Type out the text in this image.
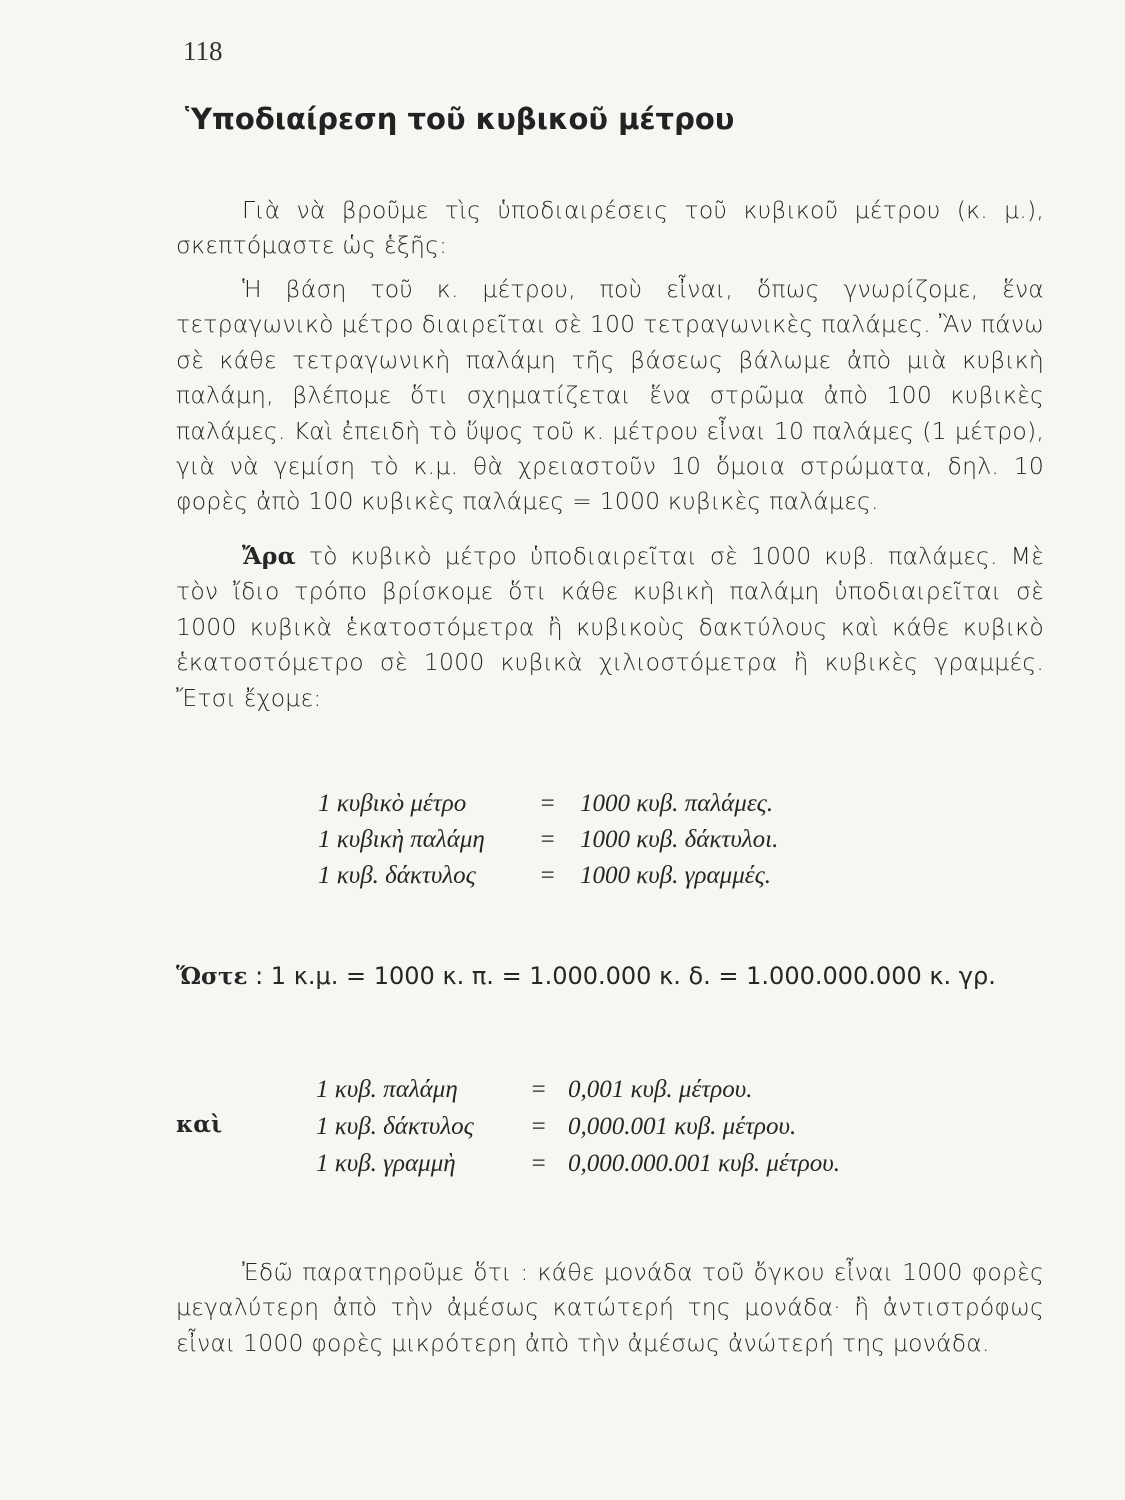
118
Ὑποδιαίρεση τοῦ κυβικοῦ μέτρου

Γιὰ νὰ βροῦμε τὶς ὑποδιαιρέσεις τοῦ κυβικοῦ μέτρου (κ. μ.), σκεπτόμαστε ὡς ἑξῆς:

Ἡ βάση τοῦ κ. μέτρου, ποὺ εἶναι, ὅπως γνωρίζομε, ἕνα τετραγωνικὸ μέτρο διαιρεῖται σὲ 100 τετραγωνικὲς παλάμες. Ἂν πάνω σὲ κάθε τετραγωνικὴ παλάμη τῆς βάσεως βάλωμε ἀπὸ μιὰ κυβικὴ παλάμη, βλέπομε ὅτι σχηματίζεται ἕνα στρῶμα ἀπὸ 100 κυβικὲς παλάμες. Καὶ ἐπειδὴ τὸ ὕψος τοῦ κ. μέτρου εἶναι 10 παλάμες (1 μέτρο), γιὰ νὰ γεμίση τὸ κ.μ. θὰ χρειαστοῦν 10 ὅμοια στρώματα, δηλ. 10 φορὲς ἀπὸ 100 κυβικὲς παλάμες = 1000 κυβικὲς παλάμες.

Ἄρα τὸ κυβικὸ μέτρο ὑποδιαιρεῖται σὲ 1000 κυβ. παλάμες. Μὲ τὸν ἴδιο τρόπο βρίσκομε ὅτι κάθε κυβικὴ παλάμη ὑποδιαιρεῖται σὲ 1000 κυβικὰ ἑκατοστόμετρα ἢ κυβικοὺς δακτύλους καὶ κάθε κυβικὸ ἑκατοστόμετρο σὲ 1000 κυβικὰ χιλιοστόμετρα ἢ κυβικὲς γραμμές. Ἔτσι ἔχομε:

1 κυβικὸ μέτρο	= 1000 κυβ. παλάμες.
1 κυβικὴ παλάμη = 1000 κυβ. δάκτυλοι.
1 κυβ. δάκτυλος	= 1000 κυβ. γραμμές.
Ὥστε : 1 κ.μ. = 1000 κ. π. = 1.000.000 κ. δ. = 1.000.000.000 κ. γρ.
καὶ
1 κυβ. παλάμη	= 0,001 κυβ. μέτρου.
1 κυβ. δάκτυλος = 0,000.001 κυβ. μέτρου.
1 κυβ. γραμμὴ	= 0,000.000.001 κυβ. μέτρου.

Ἐδῶ παρατηροῦμε ὅτι : κάθε μονάδα τοῦ ὄγκου εἶναι 1000 φορὲς μεγαλύτερη ἀπὸ τὴν ἀμέσως κατώτερή της μονάδα· ἢ ἀντιστρόφως εἶναι 1000 φορὲς μικρότερη ἀπὸ τὴν ἀμέσως ἀνώτερή της μονάδα.
